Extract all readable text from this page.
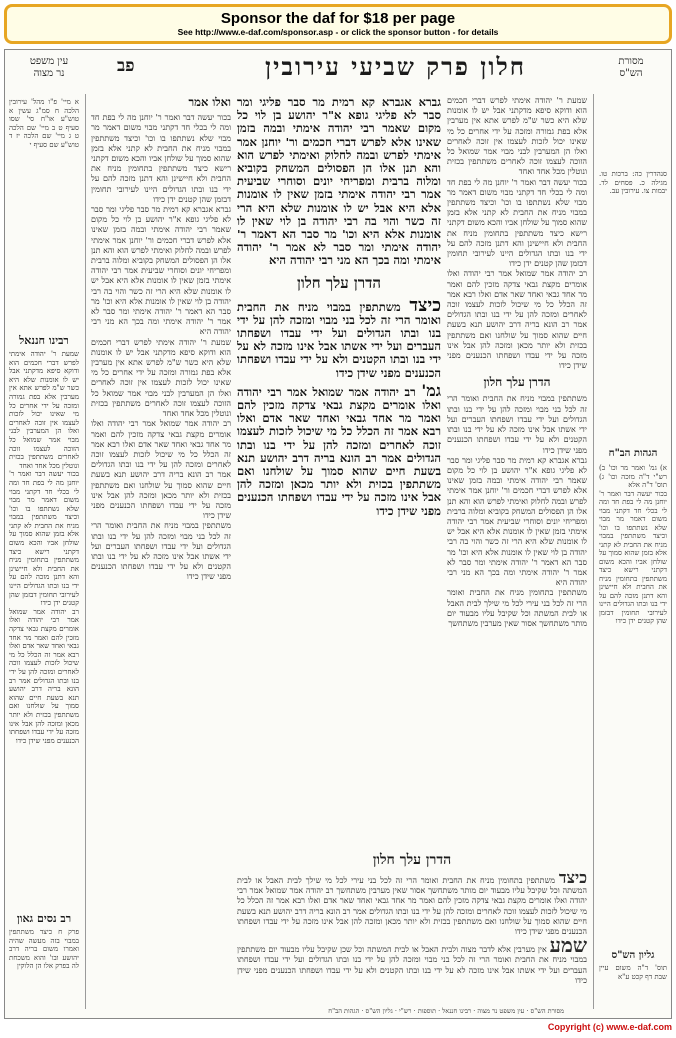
Sponsor the daf for $18 per page
See http://www.e-daf.com/sponsor.asp - or click the sponsor button - for details
עין משפט נר מצוה	פב	חלון פרק שביעי עירובין	מסורת הש"ס
א מיי' פ"ו מהל' עירובין הלכה ח סמ"ג עשין א טוש"ע או"ח סי' שסו סעיף ט ב מיי' שם הלכה ט ג מיי' שם הלכה יז ד טוש"ע שם סעיף י
רבינו חננאל
שמעת ר' יהודה אימתי לפרש דברי חכמים הוא ודוקא סיפא מדקתני אבל יש לו אומנות שלא היא כשר ש"מ לפרש אתא אין מערבין אלא בפת גמורה ומזכה על ידי אחרים כל מי שאינו יכול לזכות לעצמו אין זוכה לאחרים ואלו הן המערבין לבני מבוי אמר שמואל כל הזוכה לעצמו זוכה לאחרים משתתפין בכזית ונוטלין מכל אחד ואחד
בכור יעשה דבר ואמר ר' יוחנן מה לי בפת חד ומה לי בכלי חד דקתני מבוי משום דאמר מר מבוי שלא נשתתפו בו וכו' וכיצד משתתפין במבוי מניח את החבית לא קתני אלא בזמן שהוא סמוך על שולחן אביו והכא משום דקתני רישא כיצד משתתפין בתחומין מניח את החבית ולא חיישינן והא דתנן מזכה להם על ידי בנו ובתו הגדולים היינו לעירובי תחומין דבזמן שהן קטנים ידן כידו
רב יהודה אמר שמואל אמר רבי יהודה ואלו אומרים מקצת גבאי צדקה מזכין להם ואמר מר אחד גבאי ואחד שאר אדם ואלו רבא אמר זה הכלל כל מי שיכול לזכות לעצמו זוכה לאחרים ומזכה להן על ידי בנו ובתו הגדולים אמר רב הונא בריה דרב יהושע תנא בשעת חיים שהוא סמוך על שולחנו ואם משתתפין בכזית ולא יותר מכאן ומזכה להן אבל אינו מזכה על ידי עבדו ושפחתו הכנענים מפני שידן כידו
רב נסים גאון
פרק ח כיצד משתתפין במבוי בזה מעשה שהיה ואמרו משום בריה דרב יהושע ובו' והוא משכחת לה בפרק אלו הן הלוקין
ואלו אמר
בכור יעשה דבר ואמר ר' יוחנן מה לי בפת חד ומה לי בכלי חד דקתני מבוי משום דאמר מר מבוי שלא נשתתפו בו וכו' וכיצד משתתפין במבוי מניח את החבית לא קתני אלא בזמן שהוא סמוך על שולחן אביו והכא משום דקתני רישא כיצד משתתפין בתחומין מניח את החבית ולא חיישינן והא דתנן מזכה להם על ידי בנו ובתו הגדולים היינו לעירובי תחומין דבזמן שהן קטנים ידן כידו
גברא אגברא קא רמית מר סבר פליגי ומר סבר לא פליגי גופא א"ר יהושע בן לוי כל מקום שאמר רבי יהודה אימתי ובמה בזמן שאינו אלא לפרש דברי חכמים ור' יוחנן אמר אימתי לפרש ובמה לחלוק ואימתי לפרש הוא והא תנן אלו הן הפסולים המשחק בקוביא ומלוה ברבית ומפריחי יונים וסוחרי שביעית אמר רבי יהודה אימתי בזמן שאין לו אומנות אלא היא אבל יש לו אומנות שלא היא הרי זה כשר והוי בה רבי יהודה בן לוי שאין לו אומנות אלא היא וכו' מר סבר הא דאמר ר' יהודה אימתי ומר סבר לא אמר ר' יהודה אימתי ומה בכך הא מני רבי יהודה היא
שמעת ר' יהודה אימתי לפרש דברי חכמים הוא ודוקא סיפא מדקתני אבל יש לו אומנות שלא היא כשר ש"מ לפרש אתא אין מערבין אלא בפת גמורה ומזכה על ידי אחרים כל מי שאינו יכול לזכות לעצמו אין זוכה לאחרים ואלו הן המערבין לבני מבוי אמר שמואל כל הזוכה לעצמו זוכה לאחרים משתתפין בכזית ונוטלין מכל אחד ואחד
רב יהודה אמר שמואל אמר רבי יהודה ואלו אומרים מקצת גבאי צדקה מזכין להם ואמר מר אחד גבאי ואחד שאר אדם ואלו רבא אמר זה הכלל כל מי שיכול לזכות לעצמו זוכה לאחרים ומזכה להן על ידי בנו ובתו הגדולים אמר רב הונא בריה דרב יהושע תנא בשעת חיים שהוא סמוך על שולחנו ואם משתתפין בכזית ולא יותר מכאן ומזכה להן אבל אינו מזכה על ידי עבדו ושפחתו הכנענים מפני שידן כידו
משתתפין במבוי מניח את החבית ואומר הרי זה לכל בני מבוי ומזכה להן על ידי בנו ובתו הגדולים ועל ידי עבדו ושפחתו העברים ועל ידי אשתו אבל אינו מזכה לא על ידי בנו ובתו הקטנים ולא על ידי עבדו ושפחתו הכנענים מפני שידן כידו
גברא אגברא קא רמית מר סבר פליגי ומר סבר לא פליגי גופא א"ר יהושע בן לוי כל מקום שאמר רבי יהודה אימתי ובמה בזמן שאינו אלא לפרש דברי חכמים ור' יוחנן אמר אימתי לפרש ובמה לחלוק ואימתי לפרש הוא והא תנן אלו הן הפסולים המשחק בקוביא ומלוה ברבית ומפריחי יונים וסוחרי שביעית אמר רבי יהודה אימתי בזמן שאין לו אומנות אלא היא אבל יש לו אומנות שלא היא הרי זה כשר והוי בה רבי יהודה בן לוי שאין לו אומנות אלא היא וכו' מר סבר הא דאמר ר' יהודה אימתי ומר סבר לא אמר ר' יהודה אימתי ומה בכך הא מני רבי יהודה היא
הדרן עלך חלון
כיצד משתתפין במבוי מניח את החבית ואומר הרי זה לכל בני מבוי ומזכה להן על ידי בנו ובתו הגדולים ועל ידי עבדו ושפחתו העברים ועל ידי אשתו אבל אינו מזכה לא על ידי בנו ובתו הקטנים ולא על ידי עבדו ושפחתו הכנענים מפני שידן כידו
גמ' רב יהודה אמר שמואל אמר רבי יהודה ואלו אומרים מקצת גבאי צדקה מזכין להם ואמר מר אחד גבאי ואחד שאר אדם ואלו רבא אמר זה הכלל כל מי שיכול לזכות לעצמו זוכה לאחרים ומזכה להן על ידי בנו ובתו הגדולים אמר רב הונא בריה דרב יהושע תנא בשעת חיים שהוא סמוך על שולחנו ואם משתתפין בכזית ולא יותר מכאן ומזכה להן אבל אינו מזכה על ידי עבדו ושפחתו הכנענים מפני שידן כידו
שמעת ר' יהודה אימתי לפרש דברי חכמים הוא ודוקא סיפא מדקתני אבל יש לו אומנות שלא היא כשר ש"מ לפרש אתא אין מערבין אלא בפת גמורה ומזכה על ידי אחרים כל מי שאינו יכול לזכות לעצמו אין זוכה לאחרים ואלו הן המערבין לבני מבוי אמר שמואל כל הזוכה לעצמו זוכה לאחרים משתתפין בכזית ונוטלין מכל אחד ואחד
בכור יעשה דבר ואמר ר' יוחנן מה לי בפת חד ומה לי בכלי חד דקתני מבוי משום דאמר מר מבוי שלא נשתתפו בו וכו' וכיצד משתתפין במבוי מניח את החבית לא קתני אלא בזמן שהוא סמוך על שולחן אביו והכא משום דקתני רישא כיצד משתתפין בתחומין מניח את החבית ולא חיישינן והא דתנן מזכה להם על ידי בנו ובתו הגדולים היינו לעירובי תחומין דבזמן שהן קטנים ידן כידו
רב יהודה אמר שמואל אמר רבי יהודה ואלו אומרים מקצת גבאי צדקה מזכין להם ואמר מר אחד גבאי ואחד שאר אדם ואלו רבא אמר זה הכלל כל מי שיכול לזכות לעצמו זוכה לאחרים ומזכה להן על ידי בנו ובתו הגדולים אמר רב הונא בריה דרב יהושע תנא בשעת חיים שהוא סמוך על שולחנו ואם משתתפין בכזית ולא יותר מכאן ומזכה להן אבל אינו מזכה על ידי עבדו ושפחתו הכנענים מפני שידן כידו
הדרן עלך חלון
משתתפין במבוי מניח את החבית ואומר הרי זה לכל בני מבוי ומזכה להן על ידי בנו ובתו הגדולים ועל ידי עבדו ושפחתו העברים ועל ידי אשתו אבל אינו מזכה לא על ידי בנו ובתו הקטנים ולא על ידי עבדו ושפחתו הכנענים מפני שידן כידו
גברא אגברא קא רמית מר סבר פליגי ומר סבר לא פליגי גופא א"ר יהושע בן לוי כל מקום שאמר רבי יהודה אימתי ובמה בזמן שאינו אלא לפרש דברי חכמים ור' יוחנן אמר אימתי לפרש ובמה לחלוק ואימתי לפרש הוא והא תנן אלו הן הפסולים המשחק בקוביא ומלוה ברבית ומפריחי יונים וסוחרי שביעית אמר רבי יהודה אימתי בזמן שאין לו אומנות אלא היא אבל יש לו אומנות שלא היא הרי זה כשר והוי בה רבי יהודה בן לוי שאין לו אומנות אלא היא וכו' מר סבר הא דאמר ר' יהודה אימתי ומר סבר לא אמר ר' יהודה אימתי ומה בכך הא מני רבי יהודה היא
משתתפין בתחומין מניח את החבית ואומר הרי זה לכל בני עירי לכל מי שילך לבית האבל או לבית המשתה וכל שקיבל עליו מבעוד יום מותר משתחשך אסור שאין מערבין משתחשך
סנהדרין כה: ברכות טו. מגילה כ. פסחים לד. יבמות צו. עירובין עב.
הגהות הב"ח
א) גמ' ואמר מר וכו' ב) רש"י ד"ה מזכה וכו' ג) תוס' ד"ה אלא
בכור יעשה דבר ואמר ר' יוחנן מה לי בפת חד ומה לי בכלי חד דקתני מבוי משום דאמר מר מבוי שלא נשתתפו בו וכו' וכיצד משתתפין במבוי מניח את החבית לא קתני אלא בזמן שהוא סמוך על שולחן אביו והכא משום דקתני רישא כיצד משתתפין בתחומין מניח את החבית ולא חיישינן והא דתנן מזכה להם על ידי בנו ובתו הגדולים היינו לעירובי תחומין דבזמן שהן קטנים ידן כידו
גליון הש"ס
תוס' ד"ה משום עיין שבת דף קכט ע"א
הדרן עלך חלון
כיצד משתתפין בתחומין מניח את החבית ואומר הרי זה לכל בני עירי לכל מי שילך לבית האבל או לבית המשתה וכל שקיבל עליו מבעוד יום מותר משתחשך אסור שאין מערבין משתחשך רב יהודה אמר שמואל אמר רבי יהודה ואלו אומרים מקצת גבאי צדקה מזכין להם ואמר מר אחד גבאי ואחד שאר אדם ואלו רבא אמר זה הכלל כל מי שיכול לזכות לעצמו זוכה לאחרים ומזכה להן על ידי בנו ובתו הגדולים אמר רב הונא בריה דרב יהושע תנא בשעת חיים שהוא סמוך על שולחנו ואם משתתפין בכזית ולא יותר מכאן ומזכה להן אבל אינו מזכה על ידי עבדו ושפחתו הכנענים מפני שידן כידו
שמע אין מערבין אלא לדבר מצוה ולבית האבל או לבית המשתה וכל שכן שקיבל עליו מבעוד יום משתתפין במבוי מניח את החבית ואומר הרי זה לכל בני מבוי ומזכה להן על ידי בנו ובתו הגדולים ועל ידי עבדו ושפחתו העברים ועל ידי אשתו אבל אינו מזכה לא על ידי בנו ובתו הקטנים ולא על ידי עבדו ושפחתו הכנענים מפני שידן כידו
מסורת הש"ס · עין משפט נר מצוה · רבינו חננאל · תוספות · רש"י · גליון הש"ס · הגהות הב"ח
Copyright (c) www.e-daf.com
